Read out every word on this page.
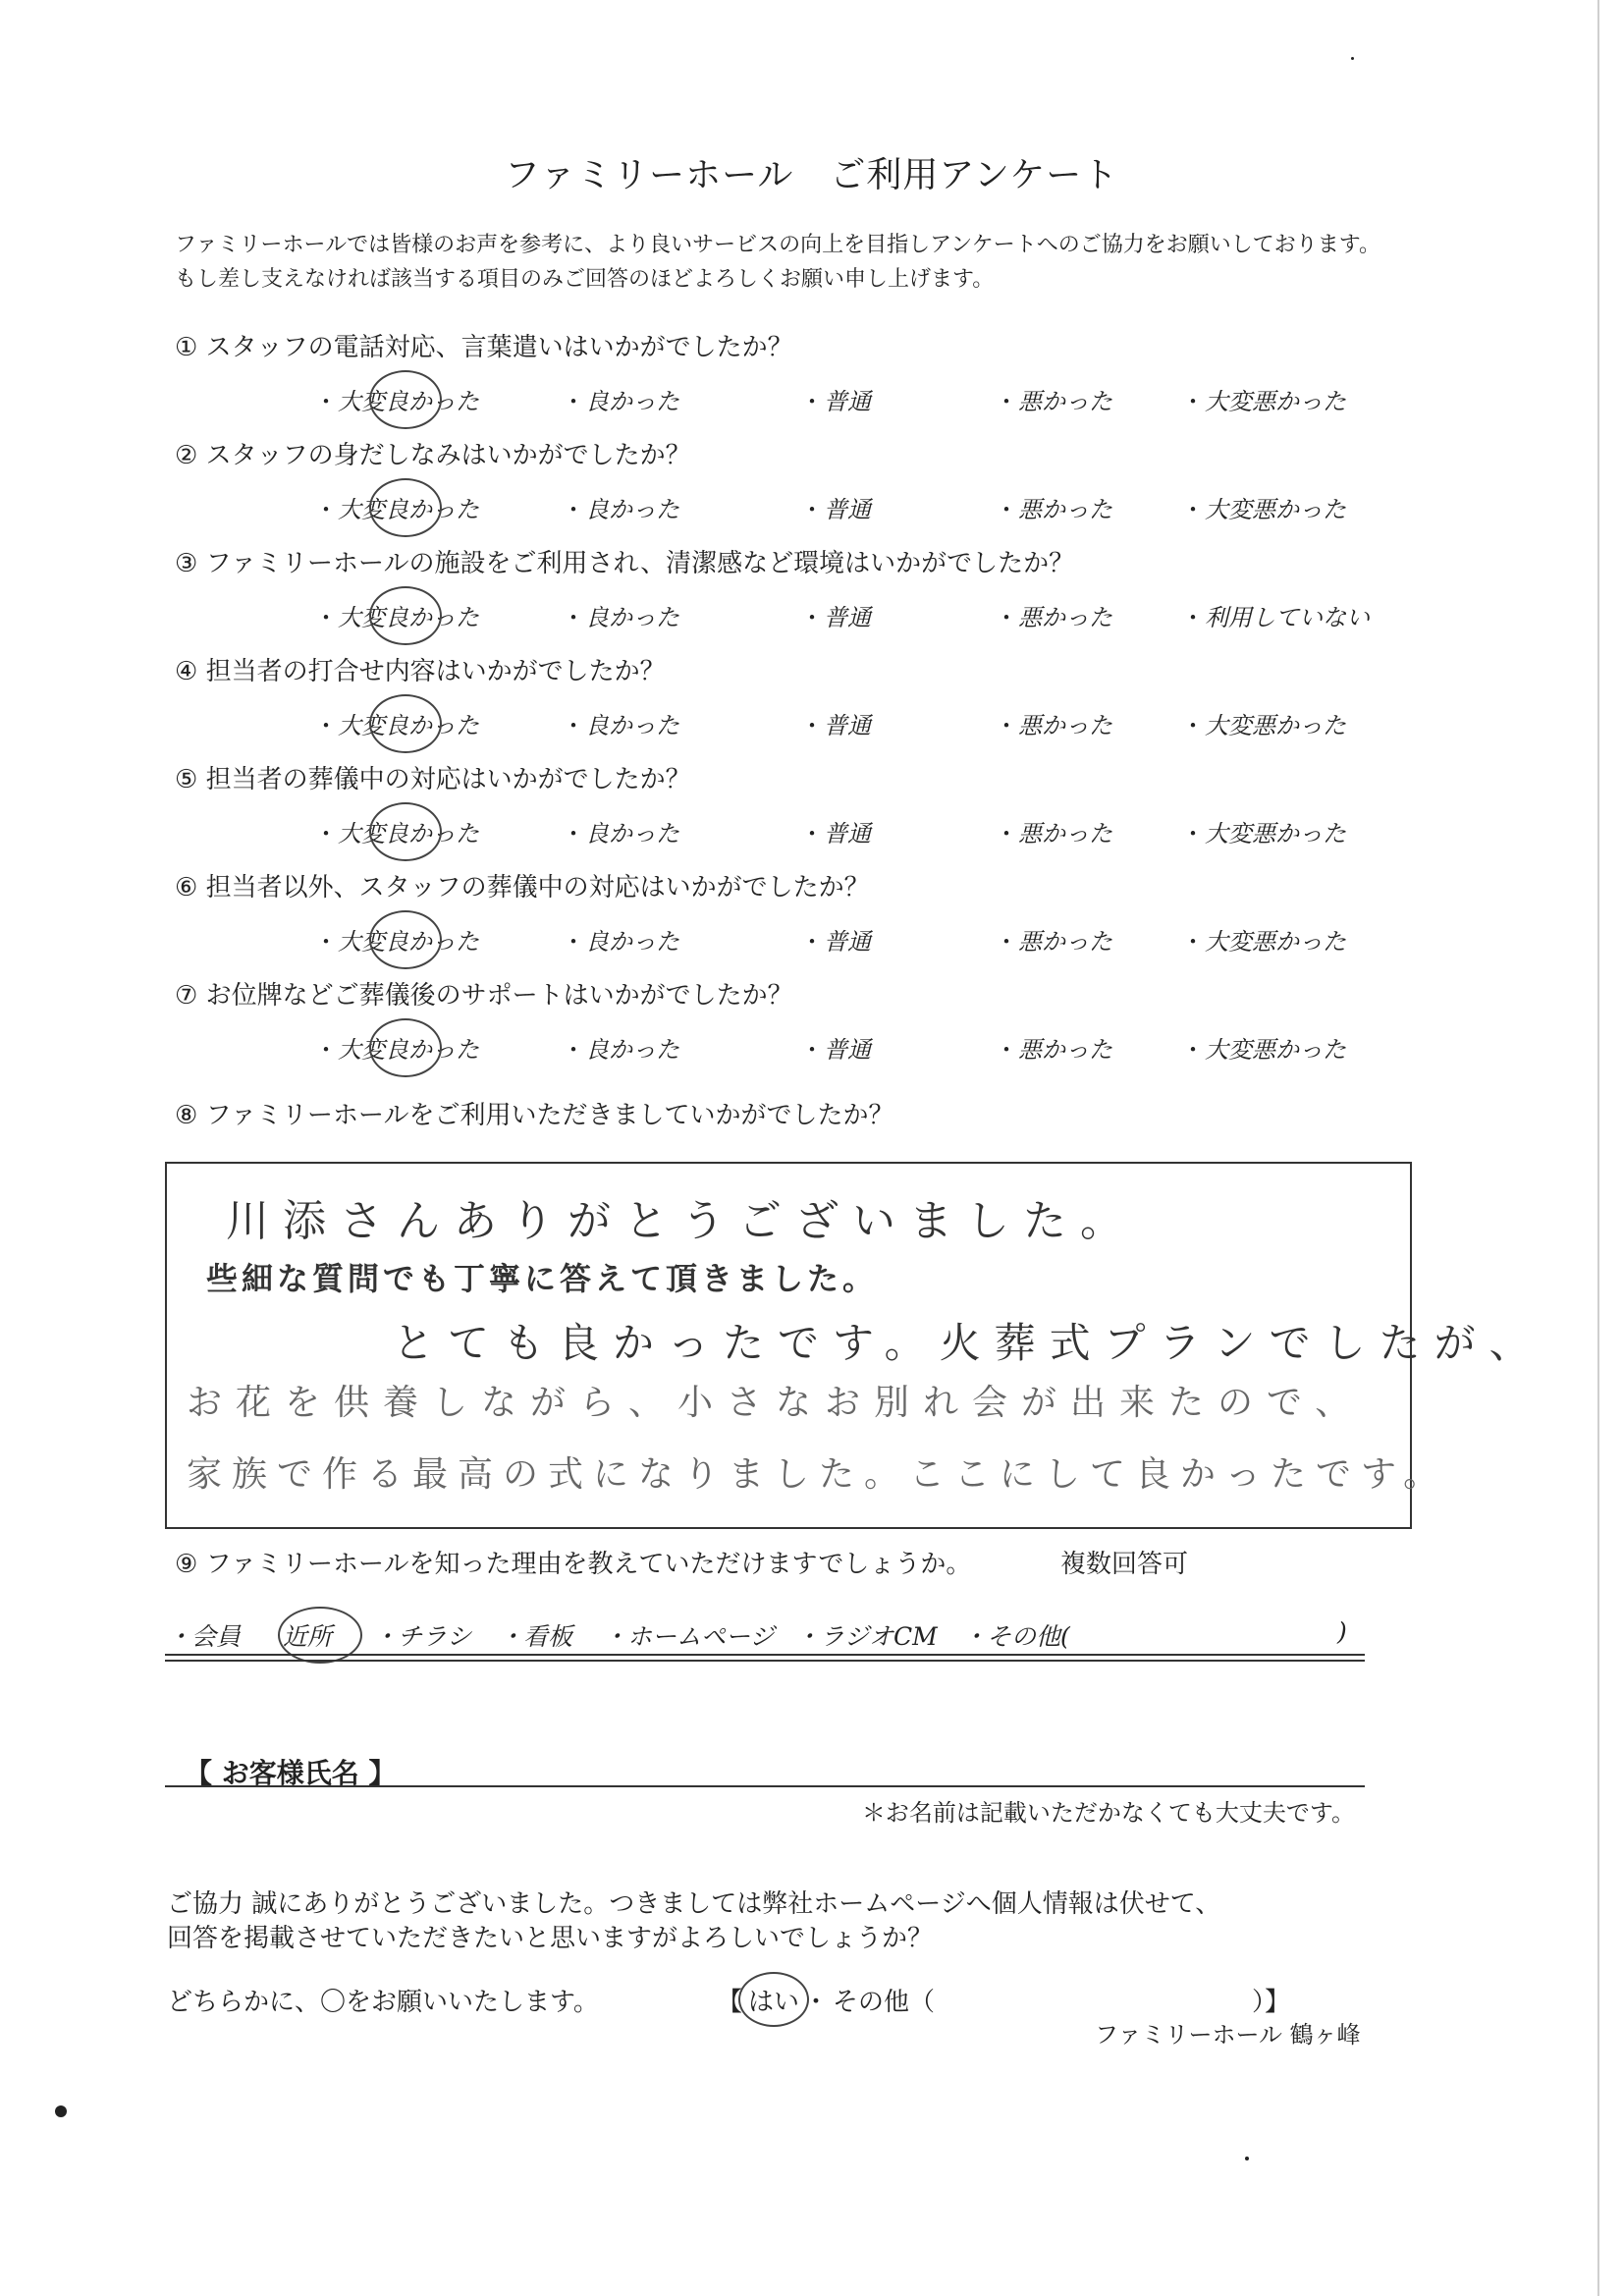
ファミリーホール　ご利用アンケート
ファミリーホールでは皆様のお声を参考に、より良いサービスの向上を目指しアンケートへのご協力をお願いしております。
もし差し支えなければ該当する項目のみご回答のほどよろしくお願い申し上げます。
① スタッフの電話対応、言葉遣いはいかがでしたか？
・ 大変良かった	・ 良かった	・ 普通	・ 悪かった	・ 大変悪かった
② スタッフの身だしなみはいかがでしたか？
・ 大変良かった	・ 良かった	・ 普通	・ 悪かった	・ 大変悪かった
③ ファミリーホールの施設をご利用され、清潔感など環境はいかがでしたか？
・ 大変良かった	・ 良かった	・ 普通	・ 悪かった	・ 利用していない
④ 担当者の打合せ内容はいかがでしたか？
・ 大変良かった	・ 良かった	・ 普通	・ 悪かった	・ 大変悪かった
⑤ 担当者の葬儀中の対応はいかがでしたか？
・ 大変良かった	・ 良かった	・ 普通	・ 悪かった	・ 大変悪かった
⑥ 担当者以外、スタッフの葬儀中の対応はいかがでしたか？
・ 大変良かった	・ 良かった	・ 普通	・ 悪かった	・ 大変悪かった
⑦ お位牌などご葬儀後のサポートはいかがでしたか？
・ 大変良かった	・ 良かった	・ 普通	・ 悪かった	・ 大変悪かった
⑧ ファミリーホールをご利用いただきましていかがでしたか？
川添さんありがとうございました。
些細な質問でも丁寧に答えて頂きました。
とても良かったです。火葬式プランでしたが、
お花を供養しながら、小さなお別れ会が出来たので、
家族で作る最高の式になりました。ここにして良かったです。
⑨ ファミリーホールを知った理由を教えていただけますでしょうか。	複数回答可
・会員 近所 ・チラシ ・看板 ・ホームページ ・ラジオCM ・その他(	)
【 お客様氏名 】
＊お名前は記載いただかなくても大丈夫です。
ご協力 誠にありがとうございました。つきましては弊社ホームページへ個人情報は伏せて、
回答を掲載させていただきたいと思いますがよろしいでしょうか？
どちらかに、〇をお願いいたします。	【 はい ・ その他（	）】
ファミリーホール 鶴ヶ峰
